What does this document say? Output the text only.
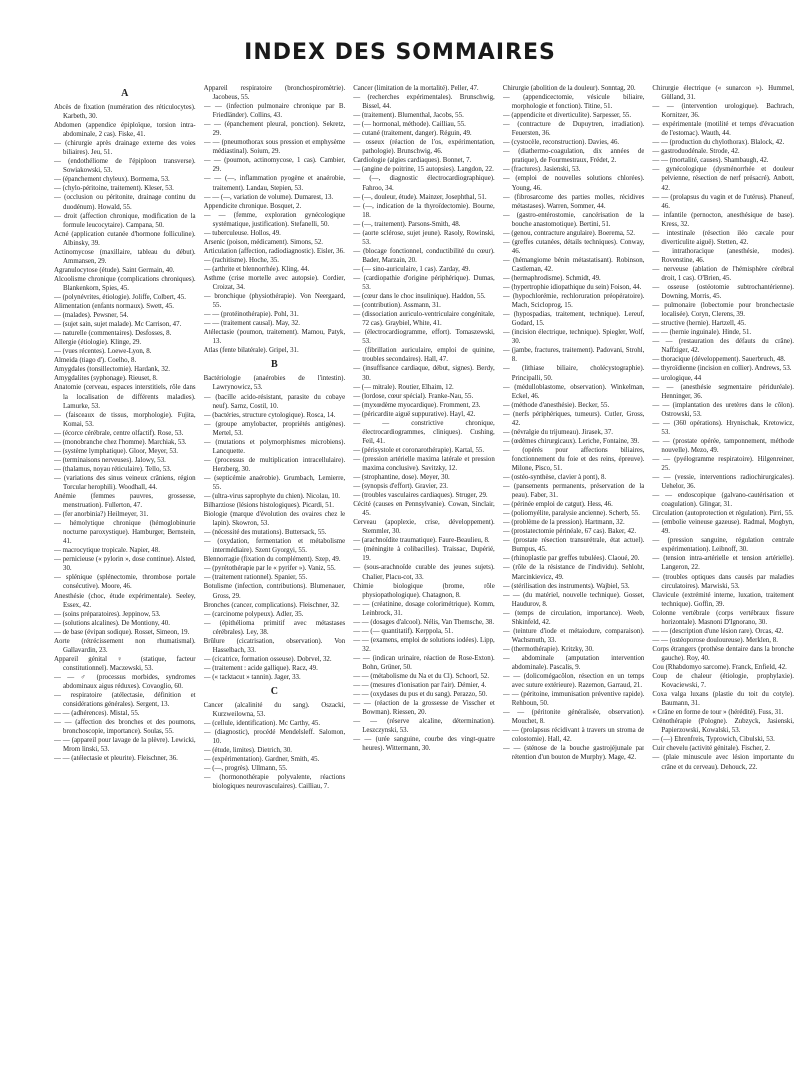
INDEX DES SOMMAIRES
A
Abcès de fixation (numération des réticulocytes). Karbeth, 30.
Abdomen (appendice épiploïque, torsion intra-abdominale, 2 cas). Fiske, 41.
— (chirurgie après drainage externe des voies biliaires). Jeu, 51.
— (endothéliome de l'épiploon transverse). Sowiakowski, 53.
— (épanchement chyleux). Bormema, 53.
— (chylo-péritoine, traitement). Kleser, 53.
— (occlusion ou péritonite, drainage continu du duodénum). Howald, 55.
— droit (affection chronique, modification de la formule leucocytaire). Campana, 50.
Acné (application cutanée d'hormone folliculine). Albinsky, 39.
Actinomycose (maxillaire, tableau du début). Ammansen, 29.
Agranulocytose (étude). Saint Germain, 40.
Alcoolisme chronique (complications chroniques). Blankenkorn, Spies, 45.
— (polynévrites, étiologie). Joliffe, Colbert, 45.
Alimentation (enfants normaux). Swett, 45.
— (malades). Pewsner, 54.
— (sujet sain, sujet malade). Mc Carrison, 47.
— naturelle (commentaires). Desfosses, 8.
Allergie (étiologie). Klinge, 29.
— (vues récentes). Loewe-Lyon, 8.
Almeida (tiago d'). Coelho, 8.
Amygdales (tonsillectomie). Hardank, 32.
Amygdalites (syphonage). Rieuset, 8.
Anatomie (cerveau, espaces interstitiels, rôle dans la localisation de différents maladies). Lamurke, 53.
— (faisceaux de tissus, morphologie). Fujita, Komai, 53.
— (écorce cérébrale, centre olfactif). Rose, 53.
— (monobranche chez l'homme). Marchiak, 53.
— (système lymphatique). Gloor, Meyer, 53.
— (terminaisons nerveuses). Jalowy, 53.
— (thalamus, noyau réticulaire). Tello, 53.
— (variations des sinus veineux crâniens, région Torcular herophili). Woodhall, 44.
Anémie (femmes pauvres, grossesse, menstruation). Fullerton, 47.
— (fer anorbinia?) Heilmeyer, 31.
— hémolytique chronique (hémoglobinurie nocturne paroxystique). Hamburger, Bernstein, 41.
— macrocytique tropicale. Napier, 48.
— pernicieuse (« pylorin », dose continue). Alsted, 30.
— splénique (splénectomie, thrombose portale consécutive). Moore, 46.
Anesthésie (choc, étude expérimentale). Seeley, Essex, 42.
— (soins préparatoires). Jeppinow, 53.
— (solutions alcalines). De Montiony, 40.
— de base (évipan sodique). Rosset, Simeon, 19.
Aorte (rétrécissement non rhumatismal). Gallavardin, 23.
Appareil génital ♀ (statique, facteur constitutionnel). Maczewski, 53.
— — ♂ (processus morbides, syndromes abdominaux aigus réduxes). Covaoglio, 60.
— respiratoire (atélectasie, définition et considérations générales). Sergent, 13.
— — (adhérences). Mistal, 55.
— — (affection des bronches et des poumons, bronchoscopie, importance). Soulas, 55.
— — (appareil pour lavage de la plèvre). Lewicki, Mrom linski, 53.
— — (atélectasie et pleurite). Fleischner, 36.
Appareil respiratoire (bronchospiromètrie). Jacobeus, 55.
— — (infection pulmonaire chronique par B. Friedländer). Collins, 43.
— — (épanchement pleural, ponction). Sekretz, 29.
— — (pneumothorax sous pression et emphysème médiastinal). Soium, 29.
— — (poumon, actinomycose, 1 cas). Cambier, 29.
— — (—, inflammation pyogène et anaérobie, traitement). Landau, Stepien, 53.
— — (—, variation de volume). Dumarest, 13.
Appendicite chronique. Bosquet, 2.
— — (femme, exploration gynécologique systématique, justification). Stefanelli, 50.
— tuberculeuse. Hollos, 49.
Arsenic (poison, médicament). Simons, 52.
Articulation (affection, radiodiagnostic). Eisler, 36.
— (rachitisme). Hoche, 35.
— (arthrite et blennorrhée). Kling, 44.
Asthme (crise mortelle avec autopsie). Cordier, Croizat, 34.
— bronchique (physiothérapie). Von Neergaard, 55.
— — (protéinothérapie). Pohl, 31.
— — (traitement causal). May, 32.
Atélectasie (poumon, traitement). Mamou, Patyk, 13.
Atlas (fente bilatérale). Gripel, 31.
B
Bactériologie (anaérobies de l'intestin). Lawrynowicz, 53.
— (bacille acido-résistant, parasite du cobaye neuf). Sarnz, Costil, 10.
— (bactéries, structure cytologique). Rosca, 14.
— (groupe amylobacter, propriétés antigènes). Mertel, 53.
— (mutations et polymorphismes microbiens). Lancquette.
— (processus de multiplication intracellulaire). Herzberg, 30.
— (septicémie anaérobie). Grumbach, Lemierre, 55.
— (ultra-virus saprophyte du chien). Nicolau, 10.
Bilharziose (lésions histologiques). Picardi, 51.
Biologie (marque d'évolution des ovaires chez le lapin). Skowron, 53.
— (nécessité des mutations). Buttersack, 55.
— (oxydation, fermentation et métabolisme intermédiaire). Szent Gyorgyi, 55.
Blennorragie (fixation du complément). Szep, 49.
— (pyrétothérapie par le « pyrifer »). Vaniz, 55.
— (traitement rationnel). Spanier, 55.
Botulisme (infection, contributions). Blumenauer, Gross, 29.
Bronches (cancer, complications). Fleischner, 32.
— (carcinome polypeux). Adler, 35.
— (épithélioma primitif avec métastases cérébrales). Ley, 38.
Brûlure (cicatrisation, observation). Von Hasselbach, 33.
— (cicatrice, formation osseuse). Dobrvel, 32.
— (traitement : acide gallique). Racz, 49.
— (« tacktacut » tannin). Jager, 33.
C
Cancer (alcalinité du sang). Oszacki, Kurzweilowna, 53.
— (cellule, identification). Mc Carthy, 45.
— (diagnostic), procédé Mendelsleff. Salomon, 10.
— (étude, limites). Dietrich, 30.
— (expérimentation). Gardner, Smith, 45.
— (—, progrès). Ullmann, 55.
— (hormonothérapie polyvalente, réactions biologiques neurovasculaires). Cailliau, 7.
Cancer (limitation de la mortalité). Peller, 47.
— (recherches expérimentales). Brunschwig, Bissel, 44.
— (traitement). Blumenthal, Jacobs, 55.
— (— hormonal, méthode). Cailliau, 55.
— cutané (traitement, danger). Réguin, 49.
— osseux (réaction de l'os, expérimentation, pathologie). Brunschwig, 46.
Cardiologie (algies cardiaques). Bonnet, 7.
— (angine de poitrine, 15 autopsies). Langdon, 22.
— (—, diagnostic électrocardiographique). Fahroo, 34.
— (—, douleur, étude). Mainzer, Josephthal, 51.
— (—, indication de la thyroïdectomie). Bourne, 18.
— (—, traitement). Parsons-Smith, 48.
— (aorte sclérose, sujet jeune). Rasoly, Rowinski, 53.
— (blocage fonctionnel, conductibilité du cœur). Bader, Marzain, 20.
— (— sino-auriculaire, 1 cas). Zarday, 49.
— (cardiopathie d'origine périphérique). Dumas, 53.
— (cœur dans le choc insulinique). Haddon, 55.
— (contribution). Assmann, 31.
— (dissociation auriculo-ventriculaire congénitale, 72 cas). Graybiel, White, 41.
— (électrocardiogramme, effort). Tomaszewski, 53.
— (fibrillation auriculaire, emploi de quinine, troubles secondaires). Hall, 47.
— (insuffisance cardiaque, début, signes). Berdy, 30.
— (— mitrale). Routier, Elhaim, 12.
— (lordose, cœur spécial). Franke-Nau, 55.
— (myxœdème myocardique). Fromment, 23.
— (péricardite aiguë suppurative). Hayl, 42.
— — constrictive chronique, électrocardiogrammes, cliniques). Cushing, Feil, 41.
— (périsystole et coronarothérapie). Kartal, 55.
— (pression artérielle maxima latérale et pression maxima conclusive). Savitzky, 12.
— (strophantine, dose). Meyer, 30.
— (synopsis d'effort). Gravier, 23.
— (troubles vasculaires cardiaques). Struger, 29.
Cécité (causes en Pennsylvanie). Cowan, Sinclair, 45.
Cerveau (apoplexie, crise, développement). Stemmler, 30.
— (arachnoïdite traumatique). Faure-Beaulieu, 8.
— (méningite à colibacilles). Traissac, Dupérié, 19.
— (sous-arachnoïde curable des jeunes sujets). Chalier, Placu-cot, 33.
Chimie biologique (brome, rôle physiopathologique). Chatagnon, 8.
— — (créatinine, dosage colorimétrique). Komm, Leinbrock, 31.
— — (dosages d'alcool). Nélis, Van Themsche, 38.
— — (— quantitatif). Kerppola, 51.
— — (examens, emploi de solutions iodées). Lipp, 32.
— — (indican urinaire, réaction de Rose-Exton). Bohn, Grüner, 50.
— — (métabolisme du Na et du Cl). Schoorl, 52.
— — (mesures d'ionisation par l'air). Démier, 4.
— — (oxydases du pus et du sang). Perazzo, 50.
— — (réaction de la grossesse de Visscher et Bowman). Riessen, 20.
— — (réserve alcaline, détermination). Leszczynski, 53.
— — (urée sanguine, courbe des vingt-quatre heures). Wittermann, 30.
Chirurgie (abolition de la douleur). Sonntag, 20.
— (appendicectomie, vésicule biliaire, morphologie et fonction). Titine, 51.
— (appendicite et diverticulite). Sarpesser, 55.
— (contracture de Dupuytren, irradiation). Feuersten, 36.
— (cystocèle, reconstruction). Davies, 46.
— (diathermo-coagulation, dix années de pratique), de Fourmestraux, Frédet, 2.
— (fractures). Jasienski, 53.
— (emploi de nouvelles solutions chlorées). Young, 46.
— (fibrosarcome des parties molles, récidives métastases). Warren, Sommer, 44.
— (gastro-entérostomie, cancérisation de la bouche anastomotique). Bertini, 51.
— (genou, contracture angulaire). Boerema, 52.
— (greffes cutanées, détails techniques). Conway, 46.
— (hémangiome bénin métastatisant). Robinson, Castleman, 42.
— (hermaphrodisme). Schmidt, 49.
— (hypertrophie idiopathique du sein) Foison, 44.
— (hypochlorémie, rechloruration préopératoire). Mach, Scicloprog, 15.
— (hypospadias, traitement, technique). Lereuf, Godard, 15.
— (incision électrique, technique). Spiegler, Wolf, 30.
— (jambe, fractures, traitement). Padovani, Strohl, 8.
— (lithiase biliaire, cholécystographie). Principalli, 50.
— (médulloblastome, observation). Winkelman, Eckel, 46.
— (méthode d'anesthésie). Becker, 55.
— (nerfs périphériques, tumeurs). Cutler, Gross, 42.
— (névralgie du trijumeau). Jirasek, 37.
— (œdèmes chirurgicaux). Leriche, Fontaine, 39.
— (opérés pour affections biliaires, fonctionnement du foie et des reins, épreuve). Milone, Pisco, 51.
— (ostéo-synthèse, clavier à pont), 8.
— (pansements permanents, préservation de la peau). Faber, 31.
— (périnée emploi de catgut). Hess, 46.
— (poliomyélite, paralysie ancienne). Scherb, 55.
— (problème de la pression). Hartmann, 32.
— (prostatectomie périnéale, 67 cas). Baker, 42.
— (prostate résection transurétrale, état actuel). Bumpus, 45.
— (rhinoplastie par greffes tubulées). Claoué, 20.
— (rôle de la résistance de l'individu). Sehloht, Marcinkievicz, 49.
— (stérilisation des instruments). Wajbiel, 53.
— — (du matériel, nouvelle technique). Gosset, Haudurov, 8.
— (temps de circulation, importance). Weeb, Shkinfeld, 42.
— (teinture d'iode et métaiodure, comparaison). Wachsmuth, 33.
— (thermothérapie). Kritzky, 30.
— abdominale (amputation intervention abdominale). Pascalis, 9.
— — (dolicomégacôlon, résection en un temps avec suture extérieure). Razemon, Garraud, 21.
— — (péritoine, immunisation préventive rapide). Rehboun, 50.
— — (péritonite généralisée, observation). Mouchet, 8.
— — (prolapsus récidivant à travers un stroma de colostomie). Hall, 42.
— — (sténose de la bouche gastrojéjunale par rétention d'un bouton de Murphy). Mage, 42.
Chirurgie électrique (« sunarcon »). Hummel, Gülland, 31.
— — (intervention urologique). Bachrach, Kornitzer, 36.
— expérimentale (motilité et temps d'évacuation de l'estomac). Wauth, 44.
— — (production du chylothorax). Blalock, 42.
— gastroduodénale. Strode, 42.
— — (mortalité, causes). Shambaugh, 42.
— gynécologique (dysménorrhée et douleur pelvienne, résection de nerf présacré). Anbott, 42.
— — (prolapsus du vagin et de l'utérus). Phaneuf, 46.
— infantile (pernocton, anesthésique de base). Kress, 32.
— intestinale (résection iléo cæcale pour diverticulite aiguë). Stetten, 42.
— intrathoracique (anesthésie, modes). Rovenstine, 46.
— nerveuse (ablation de l'hémisphère cérébral droit, 1 cas). O'Brien, 45.
— osseuse (ostéotomie subtrochantérienne). Downing, Morris, 45.
— pulmonaire (lobectomie pour bronchectasie localisée). Coryn, Clerens, 39.
— structive (hernie). Hartzell, 45.
— — (hernie inguinale). Hinde, 51.
— — (restauration des défauts du crâne). Naffziger, 42.
— thoracique (développement). Sauerbruch, 48.
— thyroïdienne (incision en collier). Andrews, 53.
— urologique, 44
— — (anesthésie segmentaire périduréale). Henninger, 36.
— — (implantation des uretères dans le côlon). Ostrowski, 53.
— — (360 opérations). Hrynischak, Kretowicz, 53.
— — (prostate opérée, tamponnement, méthode nouvelle). Mezo, 49.
— — (pyélogramme respiratoire). Hilgenreiner, 25.
— — (vessie, interventions radiochirurgicales). Uehelor, 36.
— — endoscopique (galvano-cautérisation et coagulation). Glingar, 31.
Circulation (autoprotection et régulation). Pirri, 55.
— (embolie veineuse gazeuse). Radmal, Mogbyn, 49.
— (pression sanguine, régulation centrale expérimentation). Leibnoff, 30.
— (tension intra-artérielle et tension artérielle). Langeron, 22.
— (troubles optiques dans causés par maladies circulatoires). Marwiski, 53.
Clavicule (extrémité interne, luxation, traitement technique). Goffin, 39.
Colonne vertébrale (corps vertébraux fissure horizontale). Masnoni D'Ignorano, 30.
— — (description d'une lésion rare). Orcas, 42.
— — (ostéoporose douloureuse). Merklen, 8.
Corps étrangers (prothèse dentaire dans la bronche gauche). Roy, 40.
Cou (Rhabdomyo sarcome). Franck, Enfield, 42.
Coup de chaleur (étiologie, prophylaxie). Kovaciewski, 7.
Coxa valga luxans (plastie du toit du cotyle). Baumann, 31.
« Crâne en forme de tour » (hérédité). Fuss, 31.
Crénothérapie (Pologne). Zubzyck, Jasienski, Papierzowski, Kowalski, 53.
— (—) Ehrenfreis, Typrowich, Cibulski, 53.
Cuir chevelu (activité génitale). Fischer, 2.
— (plaie minuscule avec lésion importante du crâne et du cerveau). Dehouck, 22.
